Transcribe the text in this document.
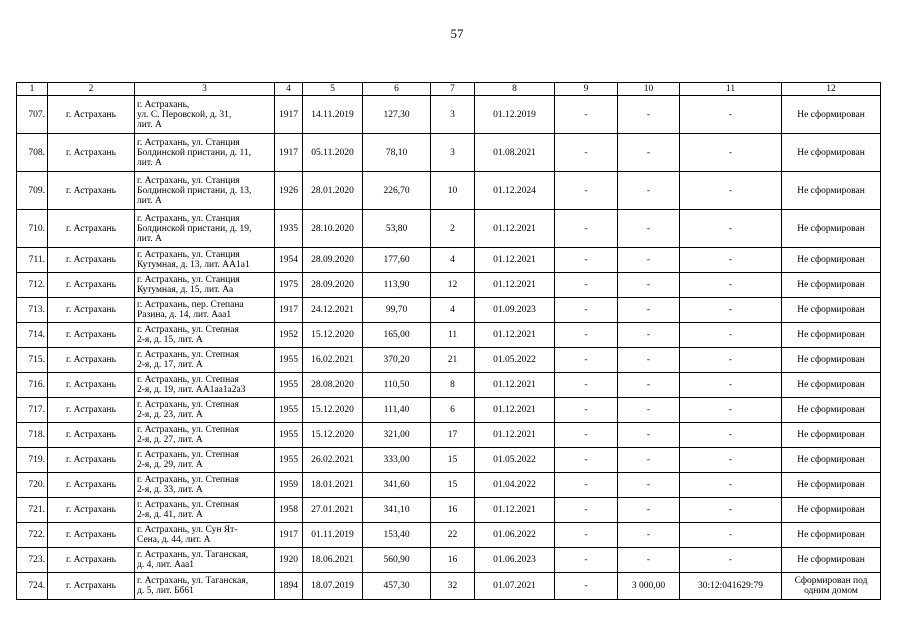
57
1	2	3	4	5	6	7	8	9	10	11	12
707.	г. Астрахань	г. Астрахань,
ул. С. Перовской, д. 31,
лит. А	1917	14.11.2019	127,30	3	01.12.2019	-	-	-	Не сформирован
708.	г. Астрахань	г. Астрахань, ул. Станция
Болдинской пристани, д. 11,
лит. А	1917	05.11.2020	78,10	3	01.08.2021	-	-	-	Не сформирован
709.	г. Астрахань	г. Астрахань, ул. Станция
Болдинской пристани, д. 13,
лит. А	1926	28.01.2020	226,70	10	01.12.2024	-	-	-	Не сформирован
710.	г. Астрахань	г. Астрахань, ул. Станция
Болдинской пристани, д. 19,
лит. А	1935	28.10.2020	53,80	2	01.12.2021	-	-	-	Не сформирован
711.	г. Астрахань	г. Астрахань, ул. Станция
Кутумная, д. 13, лит. АА1а1	1954	28.09.2020	177,60	4	01.12.2021	-	-	-	Не сформирован
712.	г. Астрахань	г. Астрахань, ул. Станция
Кутумная, д. 15, лит. Аа	1975	28.09.2020	113,90	12	01.12.2021	-	-	-	Не сформирован
713.	г. Астрахань	г. Астрахань, пер. Степана
Разина, д. 14, лит. Ааа1	1917	24.12.2021	99,70	4	01.09.2023	-	-	-	Не сформирован
714.	г. Астрахань	г. Астрахань, ул. Степная
2-я, д. 15, лит. А	1952	15.12.2020	165,00	11	01.12.2021	-	-	-	Не сформирован
715.	г. Астрахань	г. Астрахань, ул. Степная
2-я, д. 17, лит. А	1955	16.02.2021	370,20	21	01.05.2022	-	-	-	Не сформирован
716.	г. Астрахань	г. Астрахань, ул. Степная
2-я, д. 19, лит. АА1аа1а2а3	1955	28.08.2020	110,50	8	01.12.2021	-	-	-	Не сформирован
717.	г. Астрахань	г. Астрахань, ул. Степная
2-я, д. 23, лит. А	1955	15.12.2020	111,40	6	01.12.2021	-	-	-	Не сформирован
718.	г. Астрахань	г. Астрахань, ул. Степная
2-я, д. 27, лит. А	1955	15.12.2020	321,00	17	01.12.2021	-	-	-	Не сформирован
719.	г. Астрахань	г. Астрахань, ул. Степная
2-я, д. 29, лит. А	1955	26.02.2021	333,00	15	01.05.2022	-	-	-	Не сформирован
720.	г. Астрахань	г. Астрахань, ул. Степная
2-я, д. 33, лит. А	1959	18.01.2021	341,60	15	01.04.2022	-	-	-	Не сформирован
721.	г. Астрахань	г. Астрахань, ул. Степная
2-я, д. 41, лит. А	1958	27.01.2021	341,10	16	01.12.2021	-	-	-	Не сформирован
722.	г. Астрахань	г. Астрахань, ул. Сун Ят-
Сена, д. 44, лит. А	1917	01.11.2019	153,40	22	01.06.2022	-	-	-	Не сформирован
723.	г. Астрахань	г. Астрахань, ул. Таганская,
д. 4, лит. Ааа1	1920	18.06.2021	560,90	16	01.06.2023	-	-	-	Не сформирован
724.	г. Астрахань	г. Астрахань, ул. Таганская,
д. 5, лит. Бб61	1894	18.07.2019	457,30	32	01.07.2021	-	3 000,00	30:12:041629:79	Сформирован под одним домом
